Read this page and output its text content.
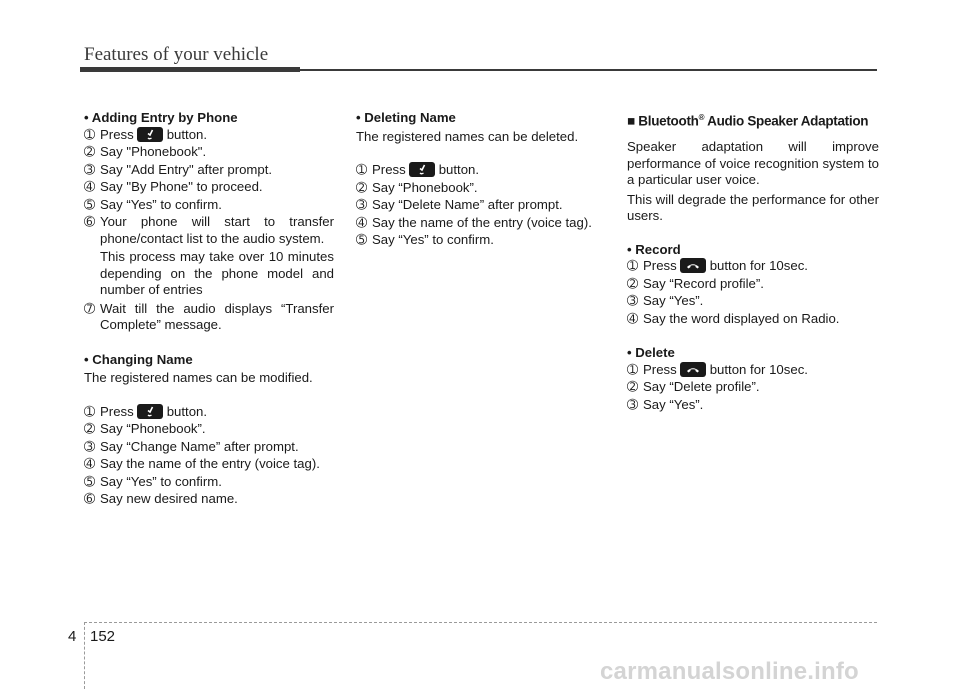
Features of your vehicle

• Adding Entry by Phone

➀ Press	button.

➁ Say "Phonebook".

➂ Say "Add Entry" after prompt.

➃ Say "By Phone" to proceed.

➄ Say “Yes” to confirm.

➅ Your phone will start to transfer phone/contact list to the audio system.

This process may take over 10 minutes depending on the phone model and number of entries

➆ Wait till the audio displays “Transfer Complete” message.

• Changing Name

The registered names can be modified.

➀ Press	button.

➁ Say “Phonebook”.

➂ Say “Change Name” after prompt.

➃ Say the name of the entry (voice tag).

➄ Say “Yes” to confirm.

➅ Say new desired name.

• Deleting Name

The registered names can be deleted.

➀ Press	button.

➁ Say “Phonebook”.

➂ Say “Delete Name” after prompt.

➃ Say the name of the entry (voice tag).

➄ Say “Yes” to confirm.

■ Bluetooth® Audio Speaker Adaptation

Speaker adaptation will improve performance of voice recognition system to a particular user voice.

This will degrade the performance for other users.

• Record

➀ Press	button for 10sec.

➁ Say “Record profile”.

➂ Say “Yes”.

➃ Say the word displayed on Radio.

• Delete

➀ Press	button for 10sec.

➁ Say “Delete profile”.

➂ Say “Yes”.

4 152
carmanualsonline.info
